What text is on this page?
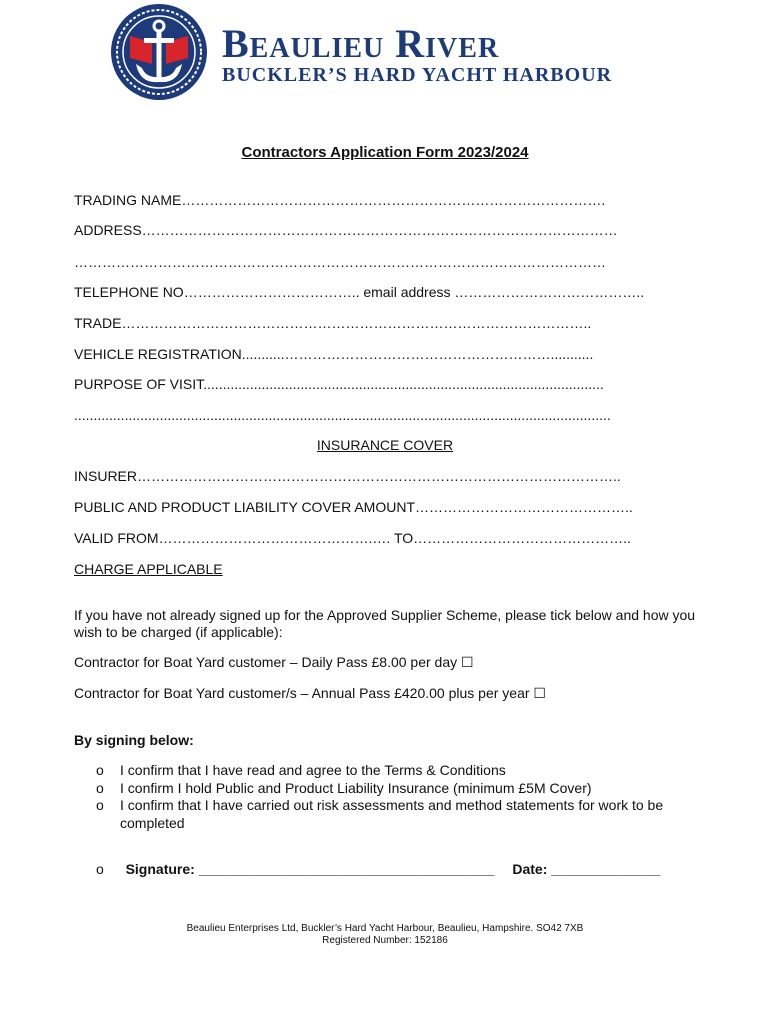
Beaulieu River
BUCKLER’S HARD YACHT HARBOUR
Contractors Application Form 2023/2024
TRADING NAME……………………………………………………………………………….
ADDRESS…………………………………………………………………………………………
……………………………………………………………………………………………………
TELEPHONE NO……………………………….. email address …………………………………..
TRADE………………………………………………………………………………………..
VEHICLE REGISTRATION...........…………………………………………………...........
PURPOSE OF VISIT.......................................................................................................
..........................................................................................................................................
INSURANCE COVER
INSURER…………………………………………………………………………………………..
PUBLIC AND PRODUCT LIABILITY COVER AMOUNT………………………………………..
VALID FROM……………………………………….…. TO………………………………………..
CHARGE APPLICABLE
If you have not already signed up for the Approved Supplier Scheme, please tick below and how you wish to be charged (if applicable):
Contractor for Boat Yard customer – Daily Pass £8.00 per day ☐
Contractor for Boat Yard customer/s – Annual Pass £420.00 plus per year ☐
By signing below:
o	I confirm that I have read and agree to the Terms & Conditions
o	I confirm I hold Public and Product Liability Insurance (minimum £5M Cover)
o	I confirm that I have carried out risk assessments and method statements for work to be completed
o Signature: ______________________________________ Date: ______________
Beaulieu Enterprises Ltd, Buckler’s Hard Yacht Harbour, Beaulieu, Hampshire. SO42 7XB
Registered Number: 152186
